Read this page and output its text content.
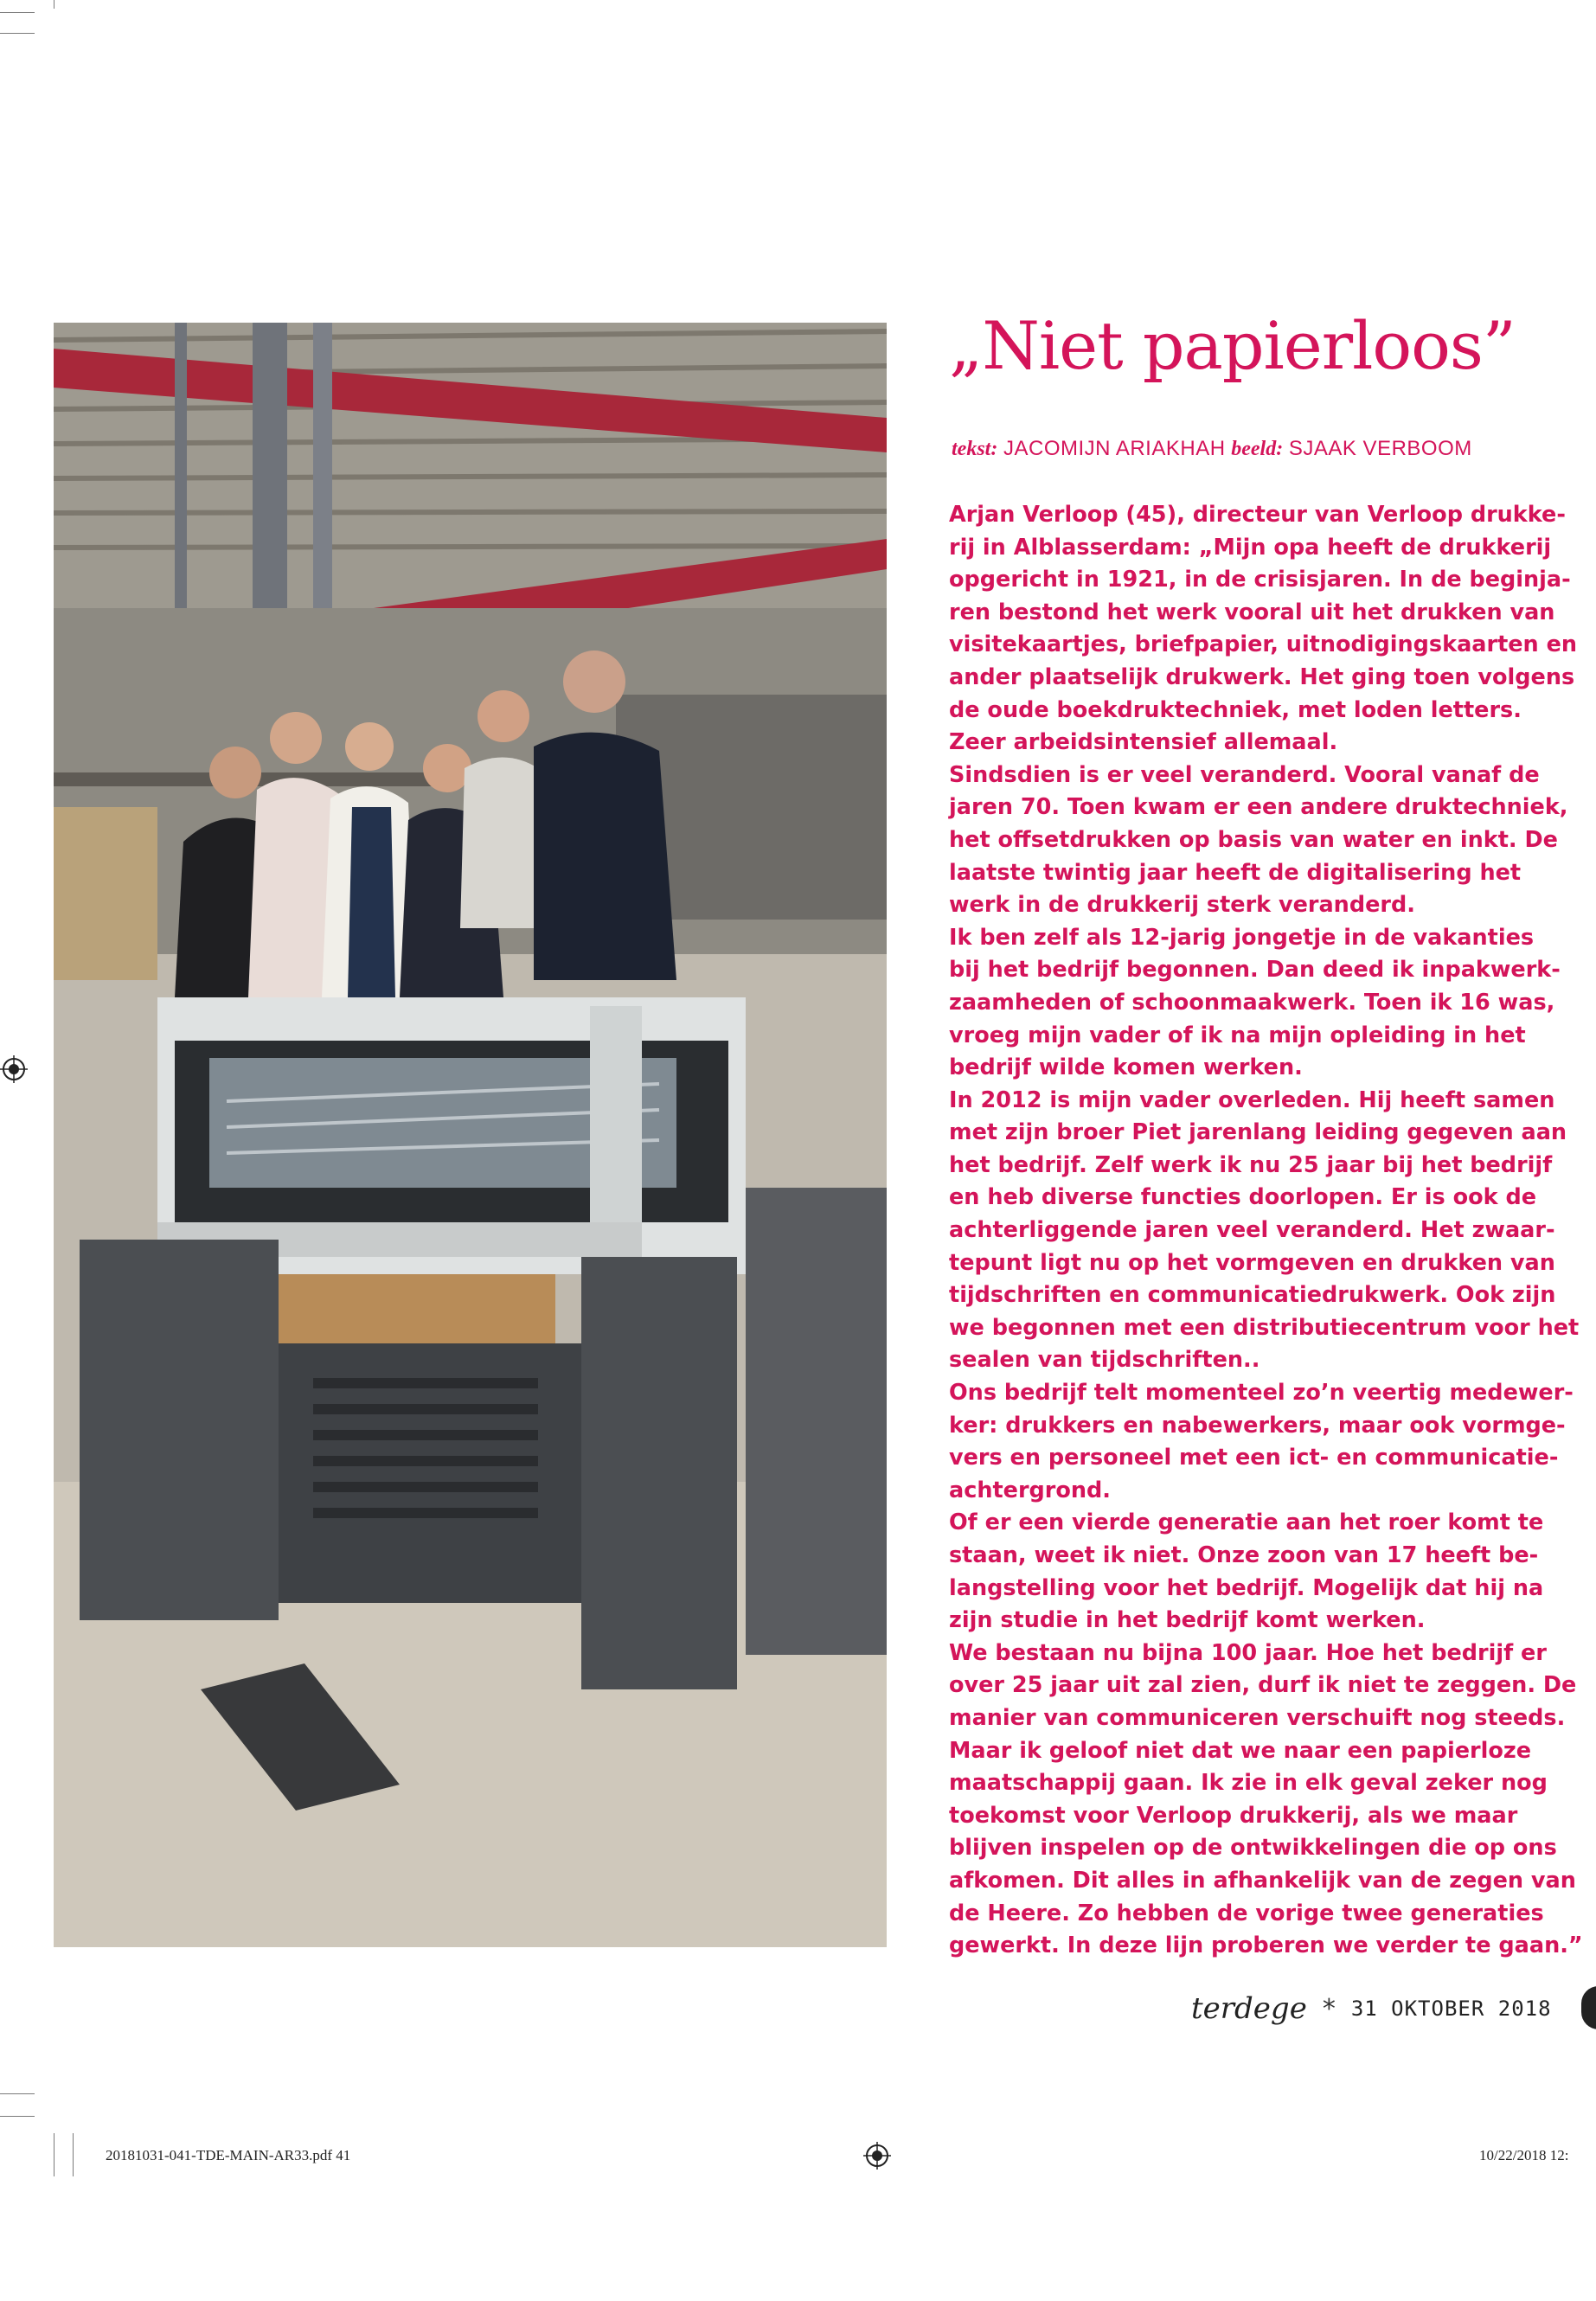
„Niet papierloos”
tekst: JACOMIJN ARIAKHAH beeld: SJAAK VERBOOM
Arjan Verloop (45), directeur van Verloop drukke-
rij in Alblasserdam: „Mijn opa heeft de drukkerij
opgericht in 1921, in de crisisjaren. In de beginja-
ren bestond het werk vooral uit het drukken van
visitekaartjes, briefpapier, uitnodigingskaarten en
ander plaatselijk drukwerk. Het ging toen volgens
de oude boekdruktechniek, met loden letters.
Zeer arbeidsintensief allemaal.
Sindsdien is er veel veranderd. Vooral vanaf de
jaren 70. Toen kwam er een andere druktechniek,
het offsetdrukken op basis van water en inkt. De
laatste twintig jaar heeft de digitalisering het
werk in de drukkerij sterk veranderd.
Ik ben zelf als 12-jarig jongetje in de vakanties
bij het bedrijf begonnen. Dan deed ik inpakwerk-
zaamheden of schoonmaakwerk. Toen ik 16 was,
vroeg mijn vader of ik na mijn opleiding in het
bedrijf wilde komen werken.
In 2012 is mijn vader overleden. Hij heeft samen
met zijn broer Piet jarenlang leiding gegeven aan
het bedrijf. Zelf werk ik nu 25 jaar bij het bedrijf
en heb diverse functies doorlopen. Er is ook de
achterliggende jaren veel veranderd. Het zwaar-
tepunt ligt nu op het vormgeven en drukken van
tijdschriften en communicatiedrukwerk. Ook zijn
we begonnen met een distributiecentrum voor het
sealen van tijdschriften..
Ons bedrijf telt momenteel zo’n veertig medewer-
ker: drukkers en nabewerkers, maar ook vormge-
vers en personeel met een ict- en communicatie-
achtergrond.
Of er een vierde generatie aan het roer komt te
staan, weet ik niet. Onze zoon van 17 heeft be-
langstelling voor het bedrijf. Mogelijk dat hij na
zijn studie in het bedrijf komt werken.
We bestaan nu bijna 100 jaar. Hoe het bedrijf er
over 25 jaar uit zal zien, durf ik niet te zeggen. De
manier van communiceren verschuift nog steeds.
Maar ik geloof niet dat we naar een papierloze
maatschappij gaan. Ik zie in elk geval zeker nog
toekomst voor Verloop drukkerij, als we maar
blijven inspelen op de ontwikkelingen die op ons
afkomen. Dit alles in afhankelijk van de zegen van
de Heere. Zo hebben de vorige twee generaties
gewerkt. In deze lijn proberen we verder te gaan.”
terdege * 31 OKTOBER 2018
20181031-041-TDE-MAIN-AR33.pdf 41	10/22/2018 12:
